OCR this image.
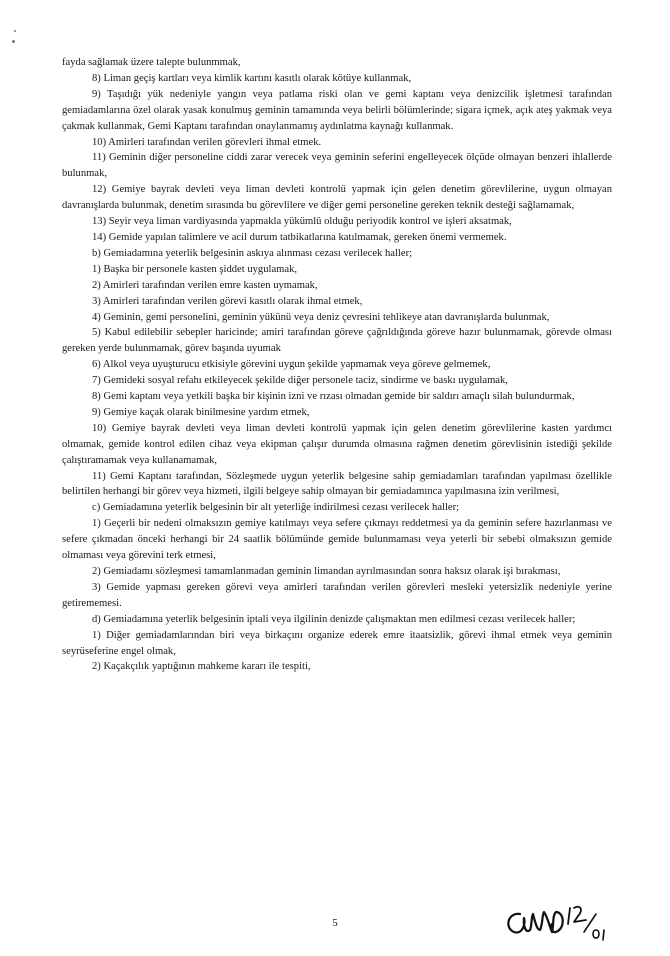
fayda sağlamak üzere talepte bulunmmak,

8) Liman geçiş kartları veya kimlik kartını kasıtlı olarak kötüye kullanmak,

9) Taşıdığı yük nedeniyle yangın veya patlama riski olan ve gemi kaptanı veya denizcilik işletmesi tarafından gemiadamlarına özel olarak yasak konulmuş geminin tamamında veya belirli bölümlerinde; sigara içmek, açık ateş yakmak veya çakmak kullanmak, Gemi Kaptanı tarafından onaylanmamış aydınlatma kaynağı kullanmak.

10) Amirleri tarafından verilen görevleri ihmal etmek.

11) Geminin diğer personeline ciddi zarar verecek veya geminin seferini engelleyecek ölçüde olmayan benzeri ihlallerde bulunmak,

12) Gemiye bayrak devleti veya liman devleti kontrolü yapmak için gelen denetim görevlilerine, uygun olmayan davranışlarda bulunmak, denetim sırasında bu görevlilere ve diğer gemi personeline gereken teknik desteği sağlamamak,

13) Seyir veya liman vardiyasında yapmakla yükümlü olduğu periyodik kontrol ve işleri aksatmak,

14) Gemide yapılan talimlere ve acil durum tatbikatlarına katılmamak, gereken önemi vermemek.

b) Gemiadamına yeterlik belgesinin askıya alınması cezası verilecek haller;

1) Başka bir personele kasten şiddet uygulamak,

2) Amirleri tarafından verilen emre kasten uymamak,

3) Amirleri tarafından verilen görevi kasıtlı olarak ihmal etmek,

4) Geminin, gemi personelini, geminin yükünü veya deniz çevresini tehlikeye atan davranışlarda bulunmak,

5) Kabul edilebilir sebepler haricinde; amiri tarafından göreve çağrıldığında göreve hazır bulunmamak, görevde olması gereken yerde bulunmamak, görev başında uyumak

6) Alkol veya uyuşturucu etkisiyle görevini uygun şekilde yapmamak veya göreve gelmemek,

7) Gemideki sosyal refahı etkileyecek şekilde diğer personele taciz, sindirme ve baskı uygulamak,

8) Gemi kaptanı veya yetkili başka bir kişinin izni ve rızası olmadan gemide bir saldırı amaçlı silah bulundurmak,

9) Gemiye kaçak olarak binilmesine yardım etmek,

10) Gemiye bayrak devleti veya liman devleti kontrolü yapmak için gelen denetim görevlilerine kasten yardımcı olmamak, gemide kontrol edilen cihaz veya ekipman çalışır durumda olmasına rağmen denetim görevlisinin istediği şekilde çalıştıramamak veya kullanamamak,

11) Gemi Kaptanı tarafından, Sözleşmede uygun yeterlik belgesine sahip gemiadamları tarafından yapılması özellikle belirtilen herhangi bir görev veya hizmeti, ilgili belgeye sahip olmayan bir gemiadamınca yapılmasına izin verilmesi,

c) Gemiadamına yeterlik belgesinin bir alt yeterliğe indirilmesi cezası verilecek haller;

1) Geçerli bir nedeni olmaksızın gemiye katılmayı veya sefere çıkmayı reddetmesi ya da geminin sefere hazırlanması ve sefere çıkmadan önceki herhangi bir 24 saatlik bölümünde gemide bulunmaması veya yeterli bir sebebi olmaksızın gemide olmaması veya görevini terk etmesi,

2) Gemiadamı sözleşmesi tamamlanmadan geminin limandan ayrılmasından sonra haksız olarak işi bırakması,

3) Gemide yapması gereken görevi veya amirleri tarafından verilen görevleri mesleki yetersizlik nedeniyle yerine getirememesi.

d) Gemiadamına yeterlik belgesinin iptali veya ilgilinin denizde çalışmaktan men edilmesi cezası verilecek haller;

1) Diğer gemiadamlarından biri veya birkaçını organize ederek emre itaatsizlik, görevi ihmal etmek veya geminin seyrüseferine engel olmak,

2) Kaçakçılık yaptığının mahkeme kararı ile tespiti,

5
